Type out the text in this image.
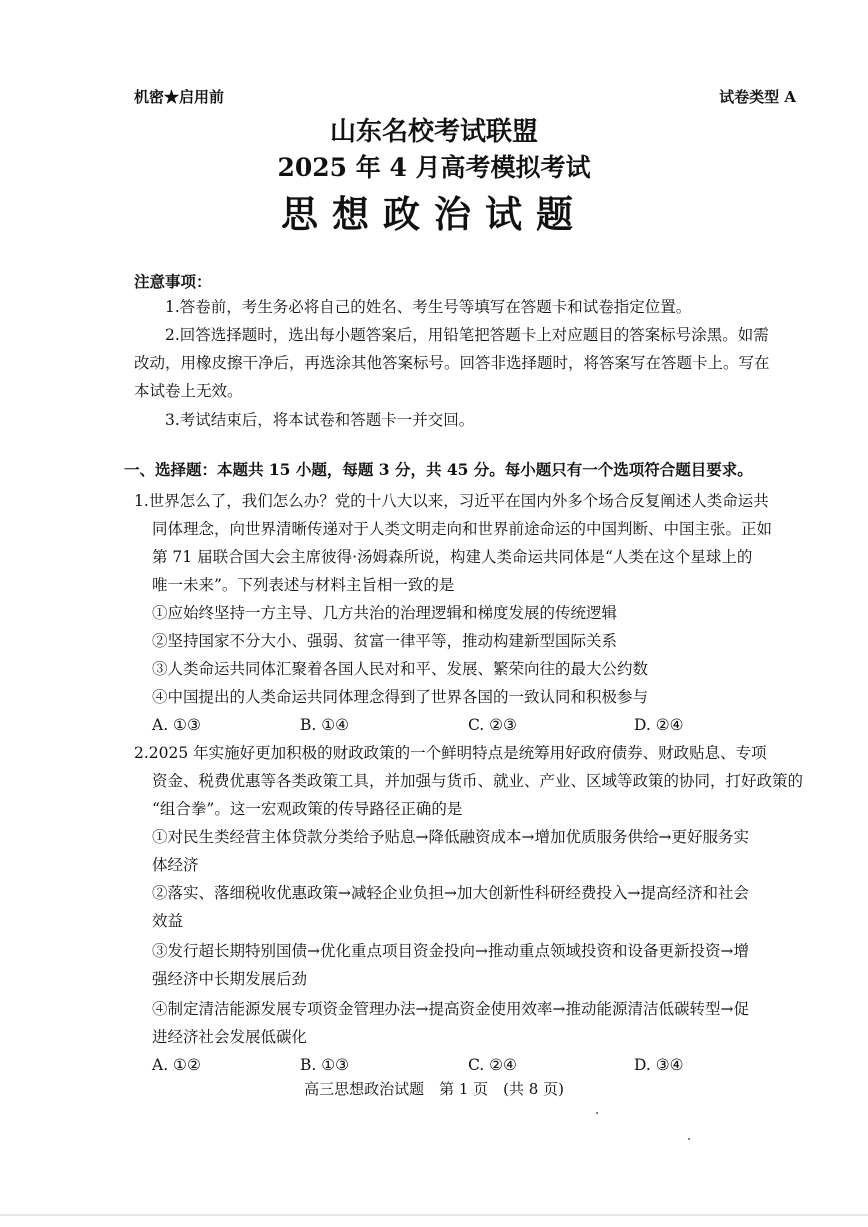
机密★启用前	试卷类型 A
山东名校考试联盟
2025 年 4 月高考模拟考试
思想政治试题
注意事项：
1.答卷前，考生务必将自己的姓名、考生号等填写在答题卡和试卷指定位置。
2.回答选择题时，选出每小题答案后，用铅笔把答题卡上对应题目的答案标号涂黑。如需
改动，用橡皮擦干净后，再选涂其他答案标号。回答非选择题时，将答案写在答题卡上。写在
本试卷上无效。
3.考试结束后，将本试卷和答题卡一并交回。
一、选择题：本题共 15 小题，每题 3 分，共 45 分。每小题只有一个选项符合题目要求。
1.世界怎么了，我们怎么办？党的十八大以来，习近平在国内外多个场合反复阐述人类命运共
同体理念，向世界清晰传递对于人类文明走向和世界前途命运的中国判断、中国主张。正如
第 71 届联合国大会主席彼得·汤姆森所说，构建人类命运共同体是“人类在这个星球上的
唯一未来”。下列表述与材料主旨相一致的是
①应始终坚持一方主导、几方共治的治理逻辑和梯度发展的传统逻辑
②坚持国家不分大小、强弱、贫富一律平等，推动构建新型国际关系
③人类命运共同体汇聚着各国人民对和平、发展、繁荣向往的最大公约数
④中国提出的人类命运共同体理念得到了世界各国的一致认同和积极参与
A. ①③	B. ①④	C. ②③	D. ②④
2.2025 年实施好更加积极的财政政策的一个鲜明特点是统筹用好政府债券、财政贴息、专项
资金、税费优惠等各类政策工具，并加强与货币、就业、产业、区域等政策的协同，打好政策的
“组合拳”。这一宏观政策的传导路径正确的是
①对民生类经营主体贷款分类给予贴息→降低融资成本→增加优质服务供给→更好服务实
体经济
②落实、落细税收优惠政策→减轻企业负担→加大创新性科研经费投入→提高经济和社会
效益
③发行超长期特别国债→优化重点项目资金投向→推动重点领域投资和设备更新投资→增
强经济中长期发展后劲
④制定清洁能源发展专项资金管理办法→提高资金使用效率→推动能源清洁低碳转型→促
进经济社会发展低碳化
A. ①②	B. ①③	C. ②④	D. ③④
高三思想政治试题　第 1 页　(共 8 页)
